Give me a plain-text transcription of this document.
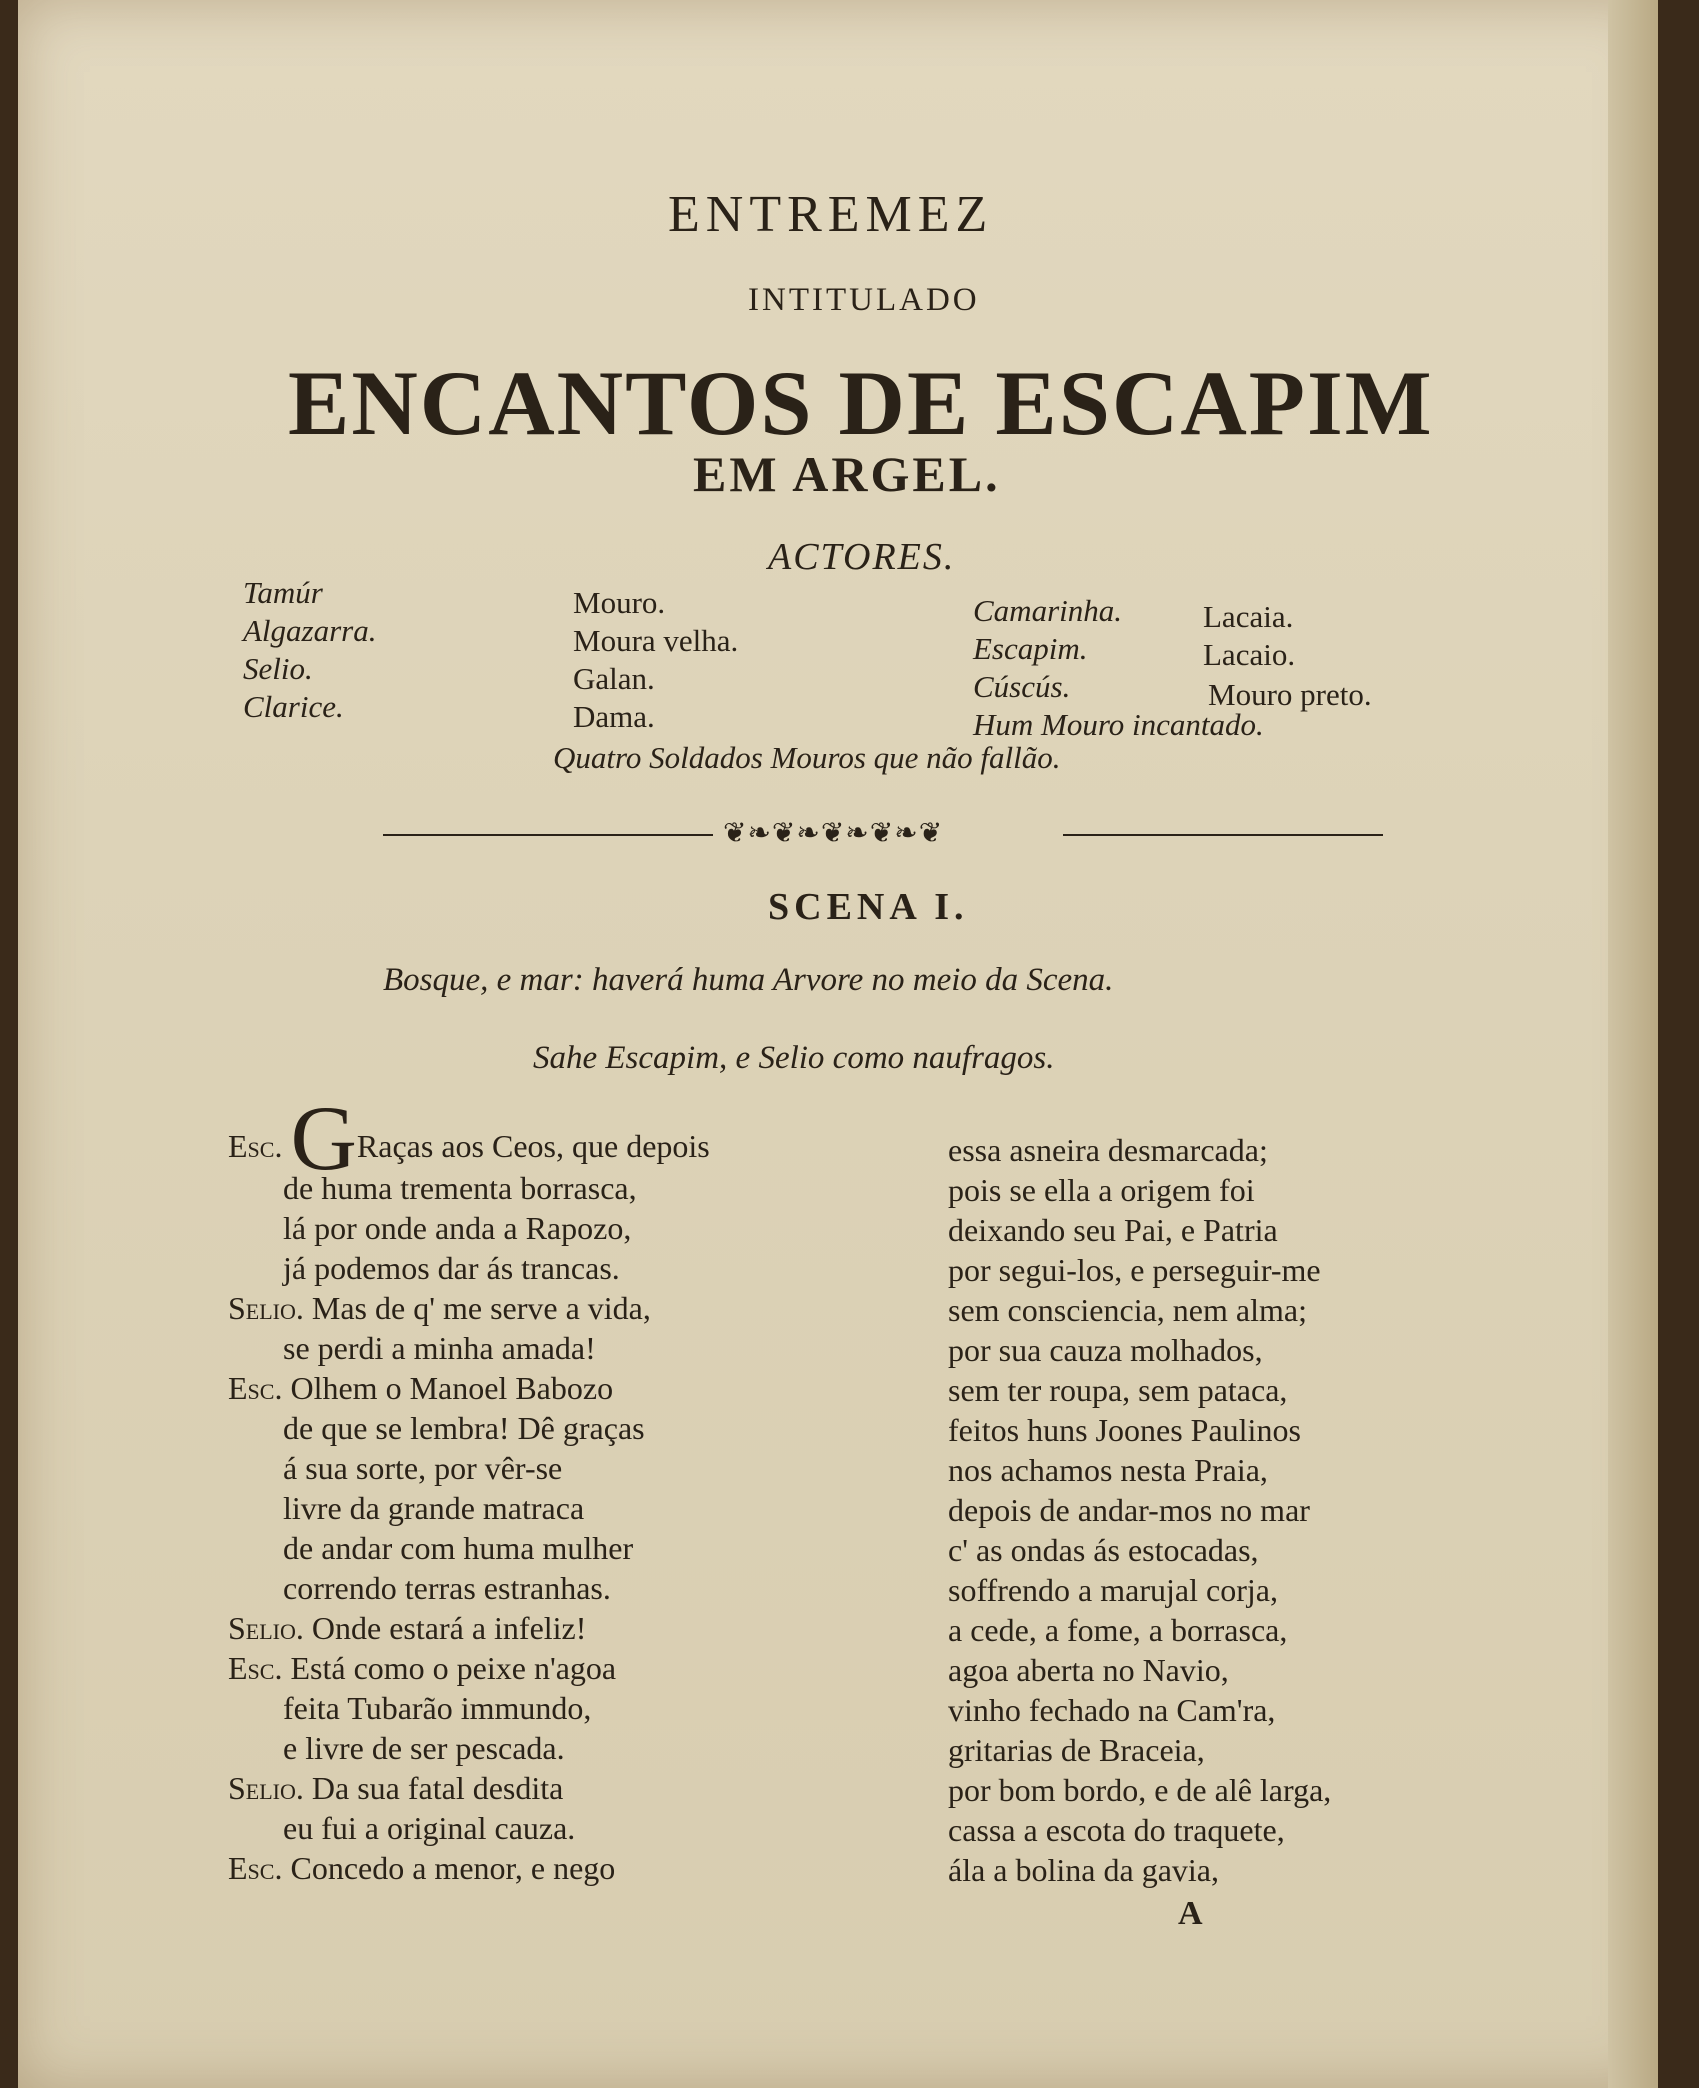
ENTREMEZ
INTITULADO
ENCANTOS DE ESCAPIM
EM ARGEL.
ACTORES.
Tamúr
Algazarra.
Selio.
Clarice.
Mouro.
Moura velha.
Galan.
Dama.
Camarinha.
Escapim.
Cúscús.
Hum Mouro incantado.
Lacaia.
Lacaio.
Mouro preto.
Quatro Soldados Mouros que não fallão.
❦❧❦❧❦❧❦❧❦
SCENA I.
Bosque, e mar: haverá huma Arvore no meio da Scena.
Sahe Escapim, e Selio como naufragos.
Esc. GRaças aos Ceos, que depois
de huma trementa borrasca,
lá por onde anda a Rapozo,
já podemos dar ás trancas.
Selio. Mas de q' me serve a vida,
se perdi a minha amada!
Esc. Olhem o Manoel Babozo
de que se lembra! Dê graças
á sua sorte, por vêr-se
livre da grande matraca
de andar com huma mulher
correndo terras estranhas.
Selio. Onde estará a infeliz!
Esc. Está como o peixe n'agoa
feita Tubarão immundo,
e livre de ser pescada.
Selio. Da sua fatal desdita
eu fui a original cauza.
Esc. Concedo a menor, e nego
essa asneira desmarcada;
pois se ella a origem foi
deixando seu Pai, e Patria
por segui-los, e perseguir-me
sem consciencia, nem alma;
por sua cauza molhados,
sem ter roupa, sem pataca,
feitos huns Joones Paulinos
nos achamos nesta Praia,
depois de andar-mos no mar
c' as ondas ás estocadas,
soffrendo a marujal corja,
a cede, a fome, a borrasca,
agoa aberta no Navio,
vinho fechado na Cam'ra,
gritarias de Braceia,
por bom bordo, e de alê larga,
cassa a escota do traquete,
ála a bolina da gavia,
A
